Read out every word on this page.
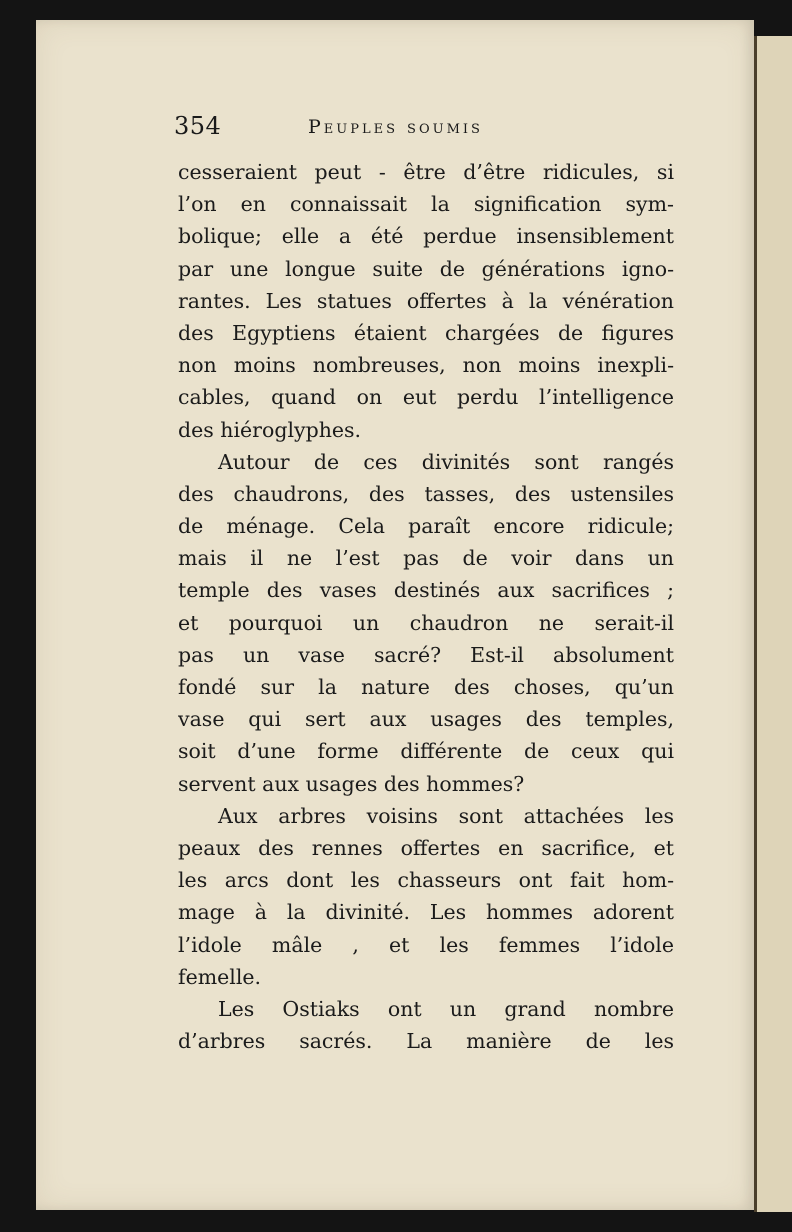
354	Peuples soumis
cesseraient peut - être d’être ridicules, si
l’on en connaissait la signification sym-
bolique; elle a été perdue insensiblement
par une longue suite de générations igno-
rantes. Les statues offertes à la vénération
des Egyptiens étaient chargées de figures
non moins nombreuses, non moins inexpli-
cables, quand on eut perdu l’intelligence
des hiéroglyphes.
Autour de ces divinités sont rangés
des chaudrons, des tasses, des ustensiles
de ménage. Cela paraît encore ridicule;
mais il ne l’est pas de voir dans un
temple des vases destinés aux sacrifices ;
et pourquoi un chaudron ne serait-il
pas un vase sacré? Est-il absolument
fondé sur la nature des choses, qu’un
vase qui sert aux usages des temples,
soit d’une forme différente de ceux qui
servent aux usages des hommes?
Aux arbres voisins sont attachées les
peaux des rennes offertes en sacrifice, et
les arcs dont les chasseurs ont fait hom-
mage à la divinité. Les hommes adorent
l’idole mâle , et les femmes l’idole
femelle.
Les Ostiaks ont un grand nombre
d’arbres sacrés. La manière de les
